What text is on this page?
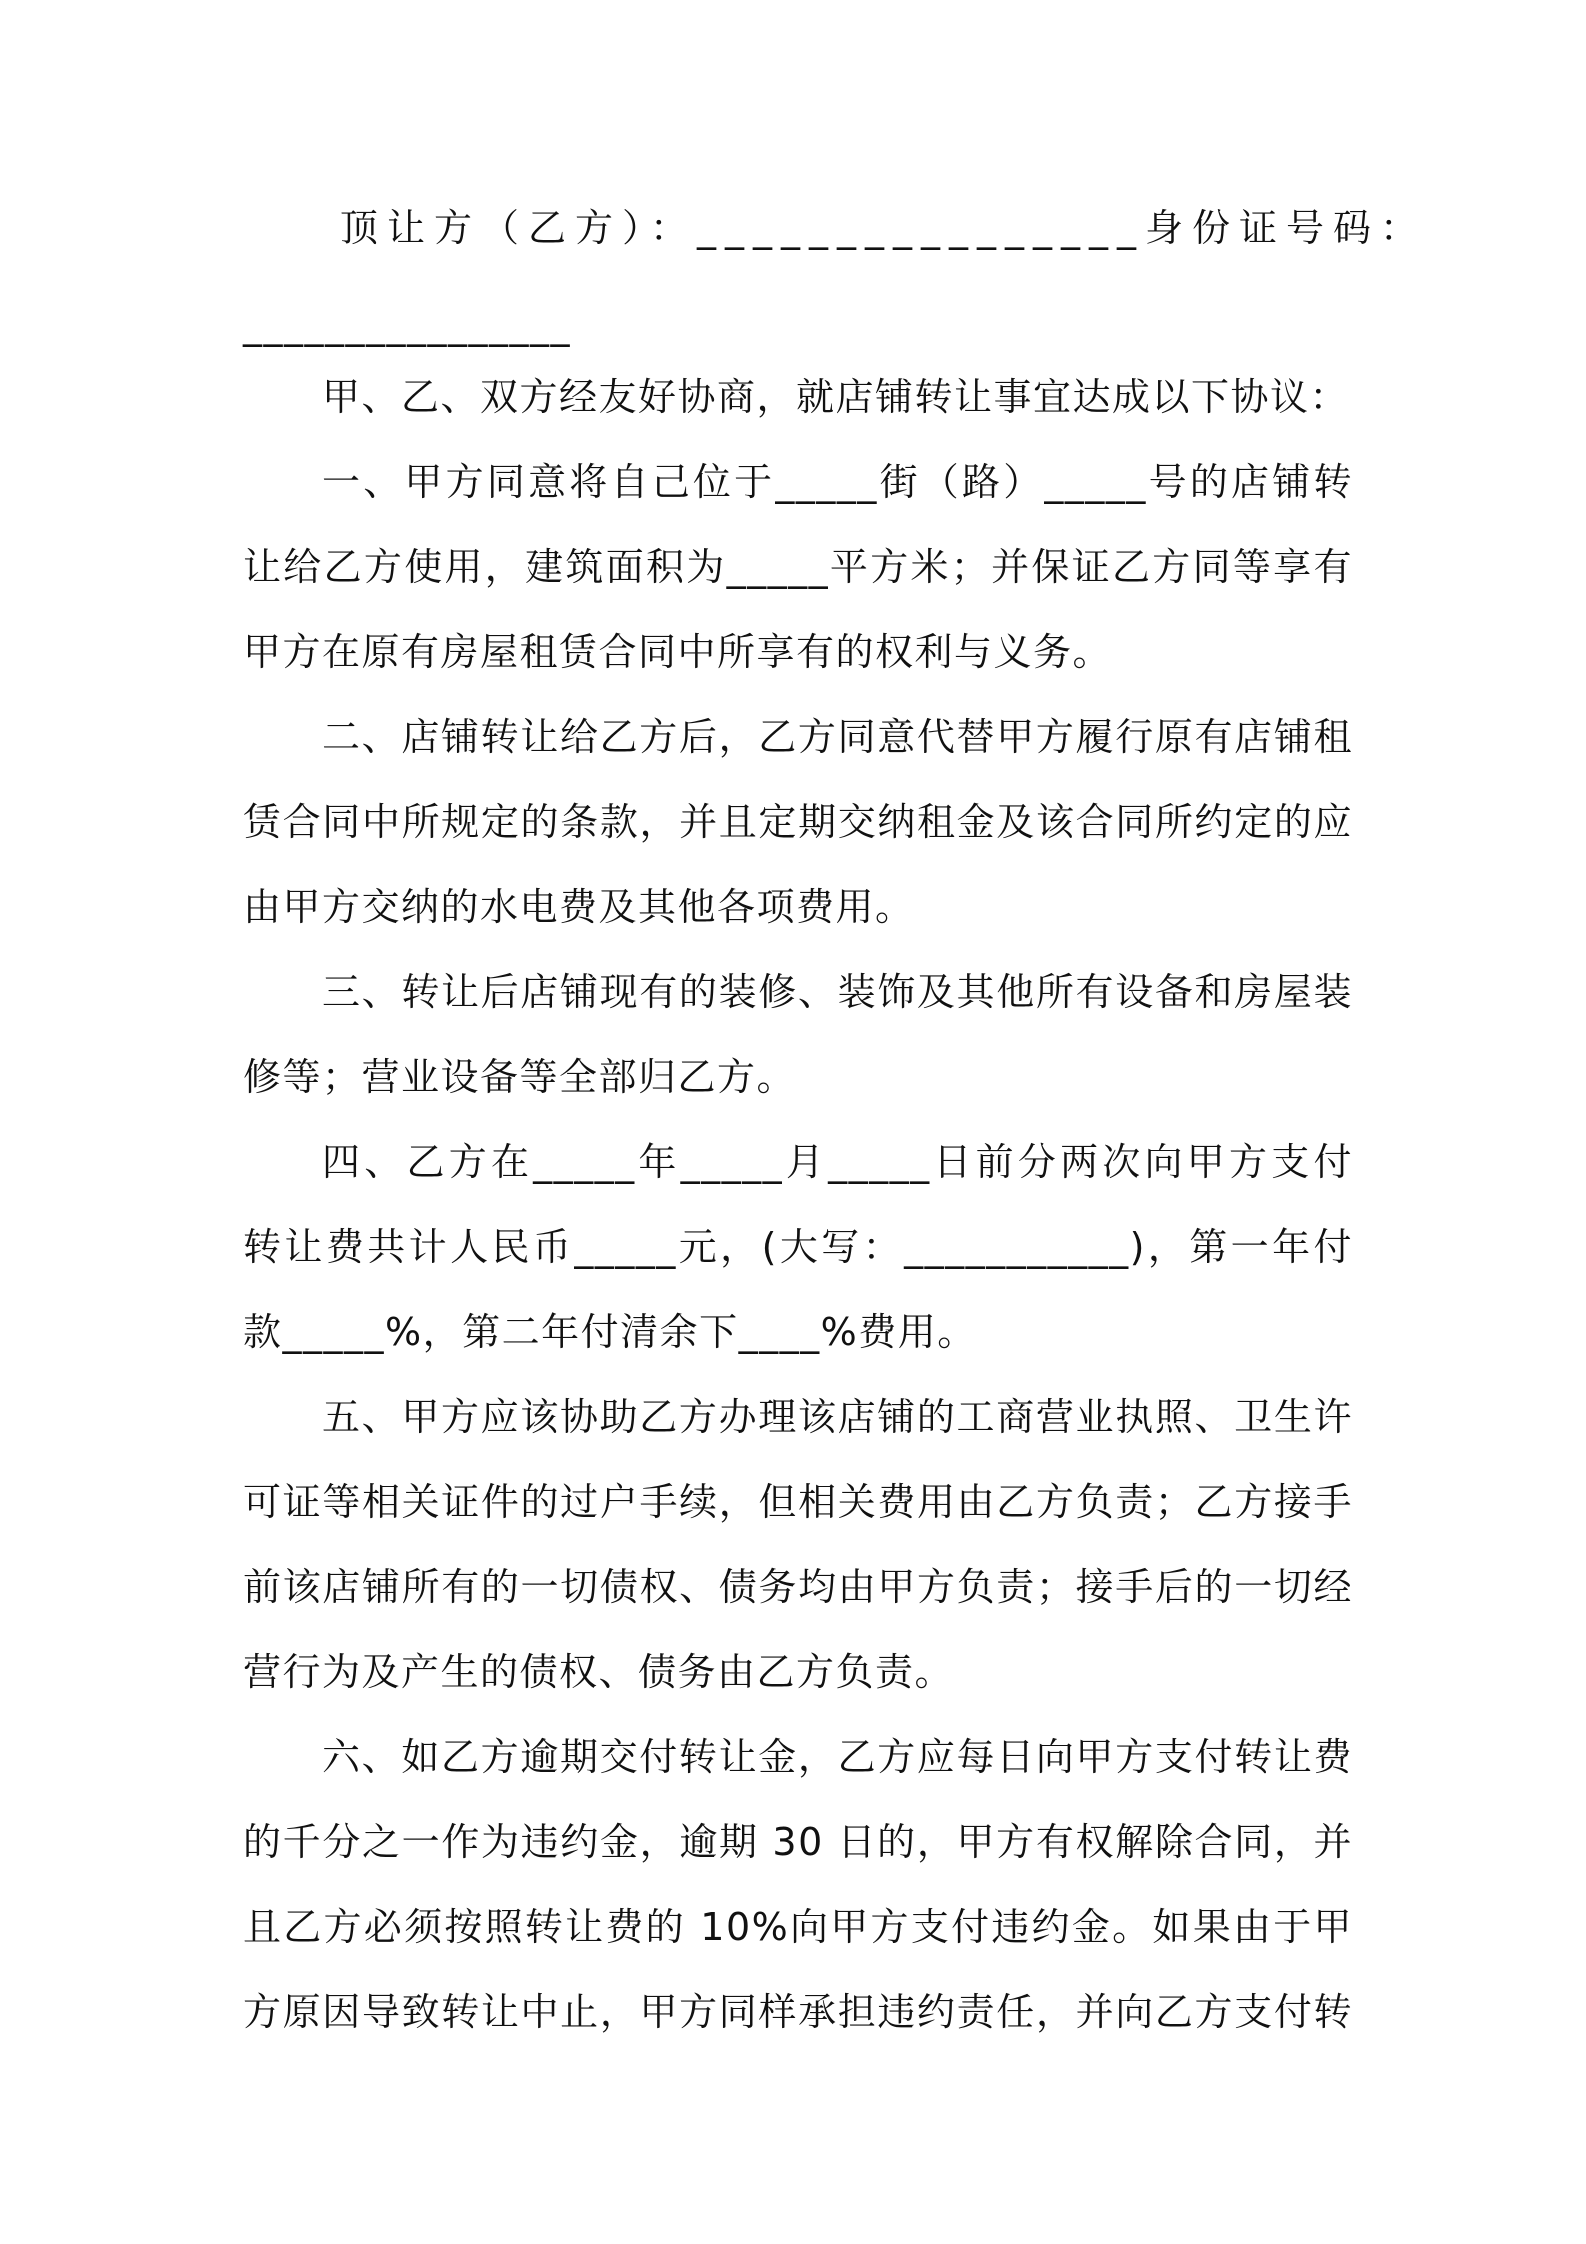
顶让方（乙方）：________________身份证号码：
________________
甲、乙、双方经友好协商，就店铺转让事宜达成以下协议：
一、甲方同意将自己位于_____街（路）_____号的店铺转
让给乙方使用，建筑面积为_____平方米；并保证乙方同等享有
甲方在原有房屋租赁合同中所享有的权利与义务。
二、店铺转让给乙方后，乙方同意代替甲方履行原有店铺租
赁合同中所规定的条款，并且定期交纳租金及该合同所约定的应
由甲方交纳的水电费及其他各项费用。
三、转让后店铺现有的装修、装饰及其他所有设备和房屋装
修等；营业设备等全部归乙方。
四、乙方在_____年_____月_____日前分两次向甲方支付
转让费共计人民币_____元，(大写：___________)，第一年付
款_____%，第二年付清余下____%费用。
五、甲方应该协助乙方办理该店铺的工商营业执照、卫生许
可证等相关证件的过户手续，但相关费用由乙方负责；乙方接手
前该店铺所有的一切债权、债务均由甲方负责；接手后的一切经
营行为及产生的债权、债务由乙方负责。
六、如乙方逾期交付转让金，乙方应每日向甲方支付转让费
的千分之一作为违约金，逾期 30 日的，甲方有权解除合同，并
且乙方必须按照转让费的 10%向甲方支付违约金。如果由于甲
方原因导致转让中止，甲方同样承担违约责任，并向乙方支付转
